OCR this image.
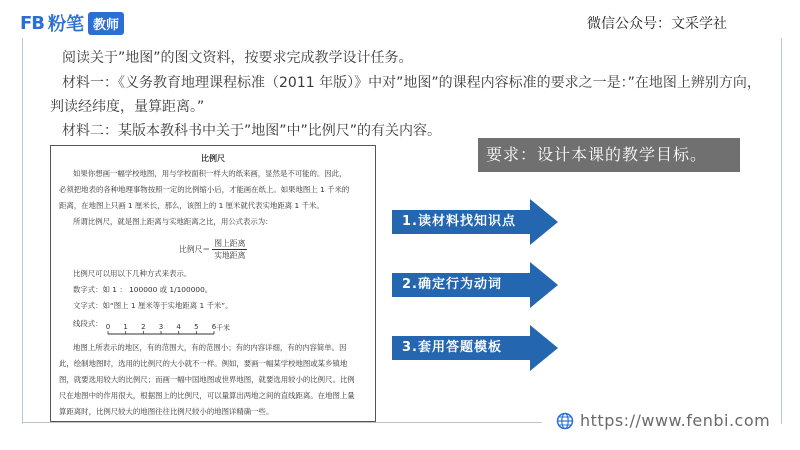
FB 粉笔 教师	微信公众号：文采学社
阅读关于”地图”的图文资料，按要求完成教学设计任务。
材料一：《义务教育地理课程标准（2011 年版）》中对”地图”的课程内容标准的要求之一是：”在地图上辨别方向，
判读经纬度，量算距离。”
材料二：某版本教科书中关于”地图”中”比例尺”的有关内容。
要求：设计本课的教学目标。
比例尺
如果你想画一幅学校地图，用与学校面积一样大的纸来画，显然是不可能的。因此，
必须把地表的各种地理事物按照一定的比例缩小后，才能画在纸上。如果地图上 1 千米的
距离，在地图上只画 1 厘米长，那么，该图上的 1 厘米就代表实地距离 1 千米。
所谓比例尺，就是图上距离与实地距离之比，用公式表示为：
比例尺＝
图上距离
实地距离
比例尺可以用以下几种方式来表示。
数字式：如 1 ： 100000 或 1/100000。
文字式：如“图上 1 厘米等于实地距离 1 千米”。
线段式： 0 1 2 3 4 5 6 千米
地图上所表示的地区，有的范围大，有的范围小；有的内容详细，有的内容简单。因
此，绘制地图时，选用的比例尺的大小就不一样。例如，要画一幅某学校地图或某乡镇地
图，就要选用较大的比例尺；而画一幅中国地图或世界地图，就要选用较小的比例尺。比例
尺在地图中的作用很大，根据图上的比例尺，可以量算出两地之间的直线距离。在地图上量
算距离时，比例尺较大的地图往往比例尺较小的地图详精确一些。
1.读材料找知识点
2.确定行为动词
3.套用答题模板
https://www.fenbi.com
